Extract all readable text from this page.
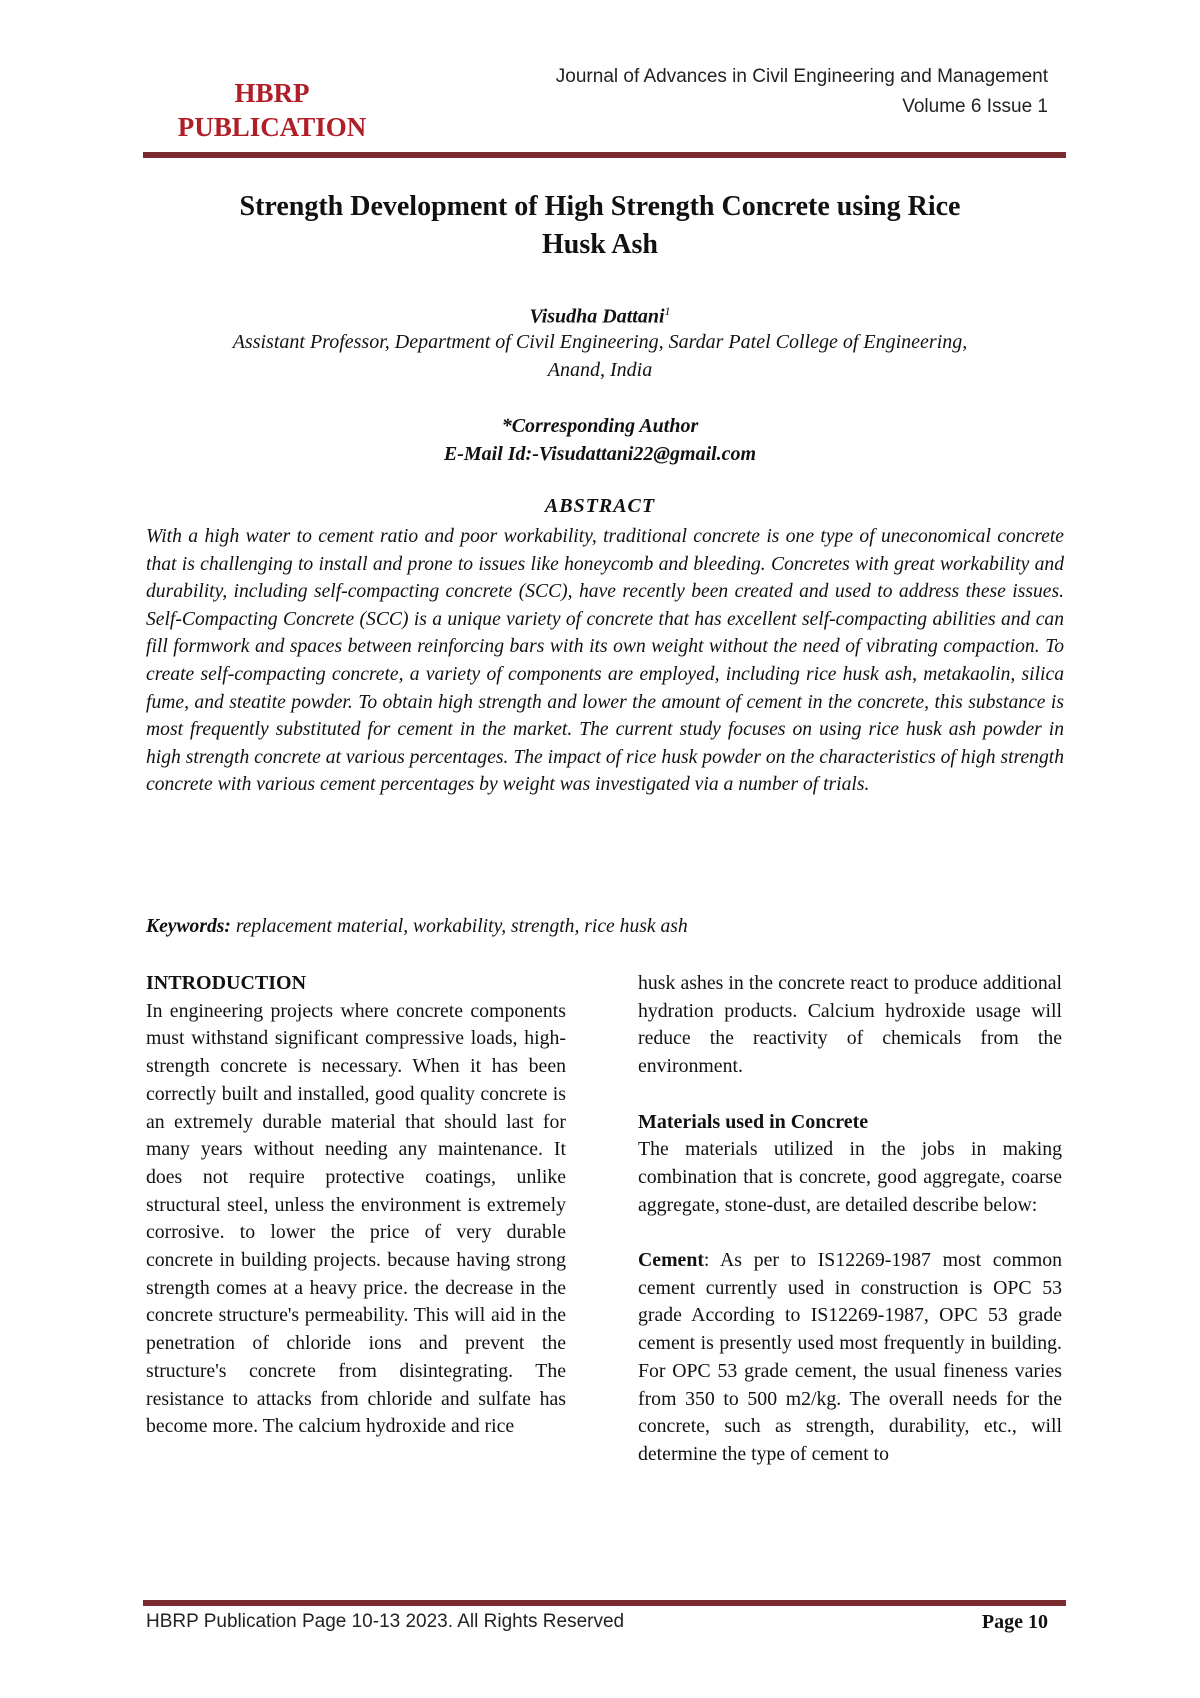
HBRP
PUBLICATION
Journal of Advances in Civil Engineering and Management
Volume 6 Issue 1
Strength Development of High Strength Concrete using Rice
Husk Ash
Visudha Dattani$^1$
Assistant Professor, Department of Civil Engineering, Sardar Patel College of Engineering,
Anand, India
*Corresponding Author
E-Mail Id:-Visudattani22@gmail.com
ABSTRACT
With a high water to cement ratio and poor workability, traditional concrete is one type of uneconomical concrete that is challenging to install and prone to issues like honeycomb and bleeding. Concretes with great workability and durability, including self-compacting concrete (SCC), have recently been created and used to address these issues. Self-Compacting Concrete (SCC) is a unique variety of concrete that has excellent self-compacting abilities and can fill formwork and spaces between reinforcing bars with its own weight without the need of vibrating compaction. To create self-compacting concrete, a variety of components are employed, including rice husk ash, metakaolin, silica fume, and steatite powder. To obtain high strength and lower the amount of cement in the concrete, this substance is most frequently substituted for cement in the market. The current study focuses on using rice husk ash powder in high strength concrete at various percentages. The impact of rice husk powder on the characteristics of high strength concrete with various cement percentages by weight was investigated via a number of trials.
Keywords: replacement material, workability, strength, rice husk ash
INTRODUCTION

In engineering projects where concrete components must withstand significant compressive loads, high-strength concrete is necessary. When it has been correctly built and installed, good quality concrete is an extremely durable material that should last for many years without needing any maintenance. It does not require protective coatings, unlike structural steel, unless the environment is extremely corrosive. to lower the price of very durable concrete in building projects. because having strong strength comes at a heavy price. the decrease in the concrete structure's permeability. This will aid in the penetration of chloride ions and prevent the structure's concrete from disintegrating. The resistance to attacks from chloride and sulfate has become more. The calcium hydroxide and rice

husk ashes in the concrete react to produce additional hydration products. Calcium hydroxide usage will reduce the reactivity of chemicals from the environment.

Materials used in Concrete

The materials utilized in the jobs in making combination that is concrete, good aggregate, coarse aggregate, stone-dust, are detailed describe below:

Cement: As per to IS12269-1987 most common cement currently used in construction is OPC 53 grade According to IS12269-1987, OPC 53 grade cement is presently used most frequently in building. For OPC 53 grade cement, the usual fineness varies from 350 to 500 m2/kg. The overall needs for the concrete, such as strength, durability, etc., will determine the type of cement to

HBRP Publication Page 10-13 2023. All Rights Reserved	Page 10
